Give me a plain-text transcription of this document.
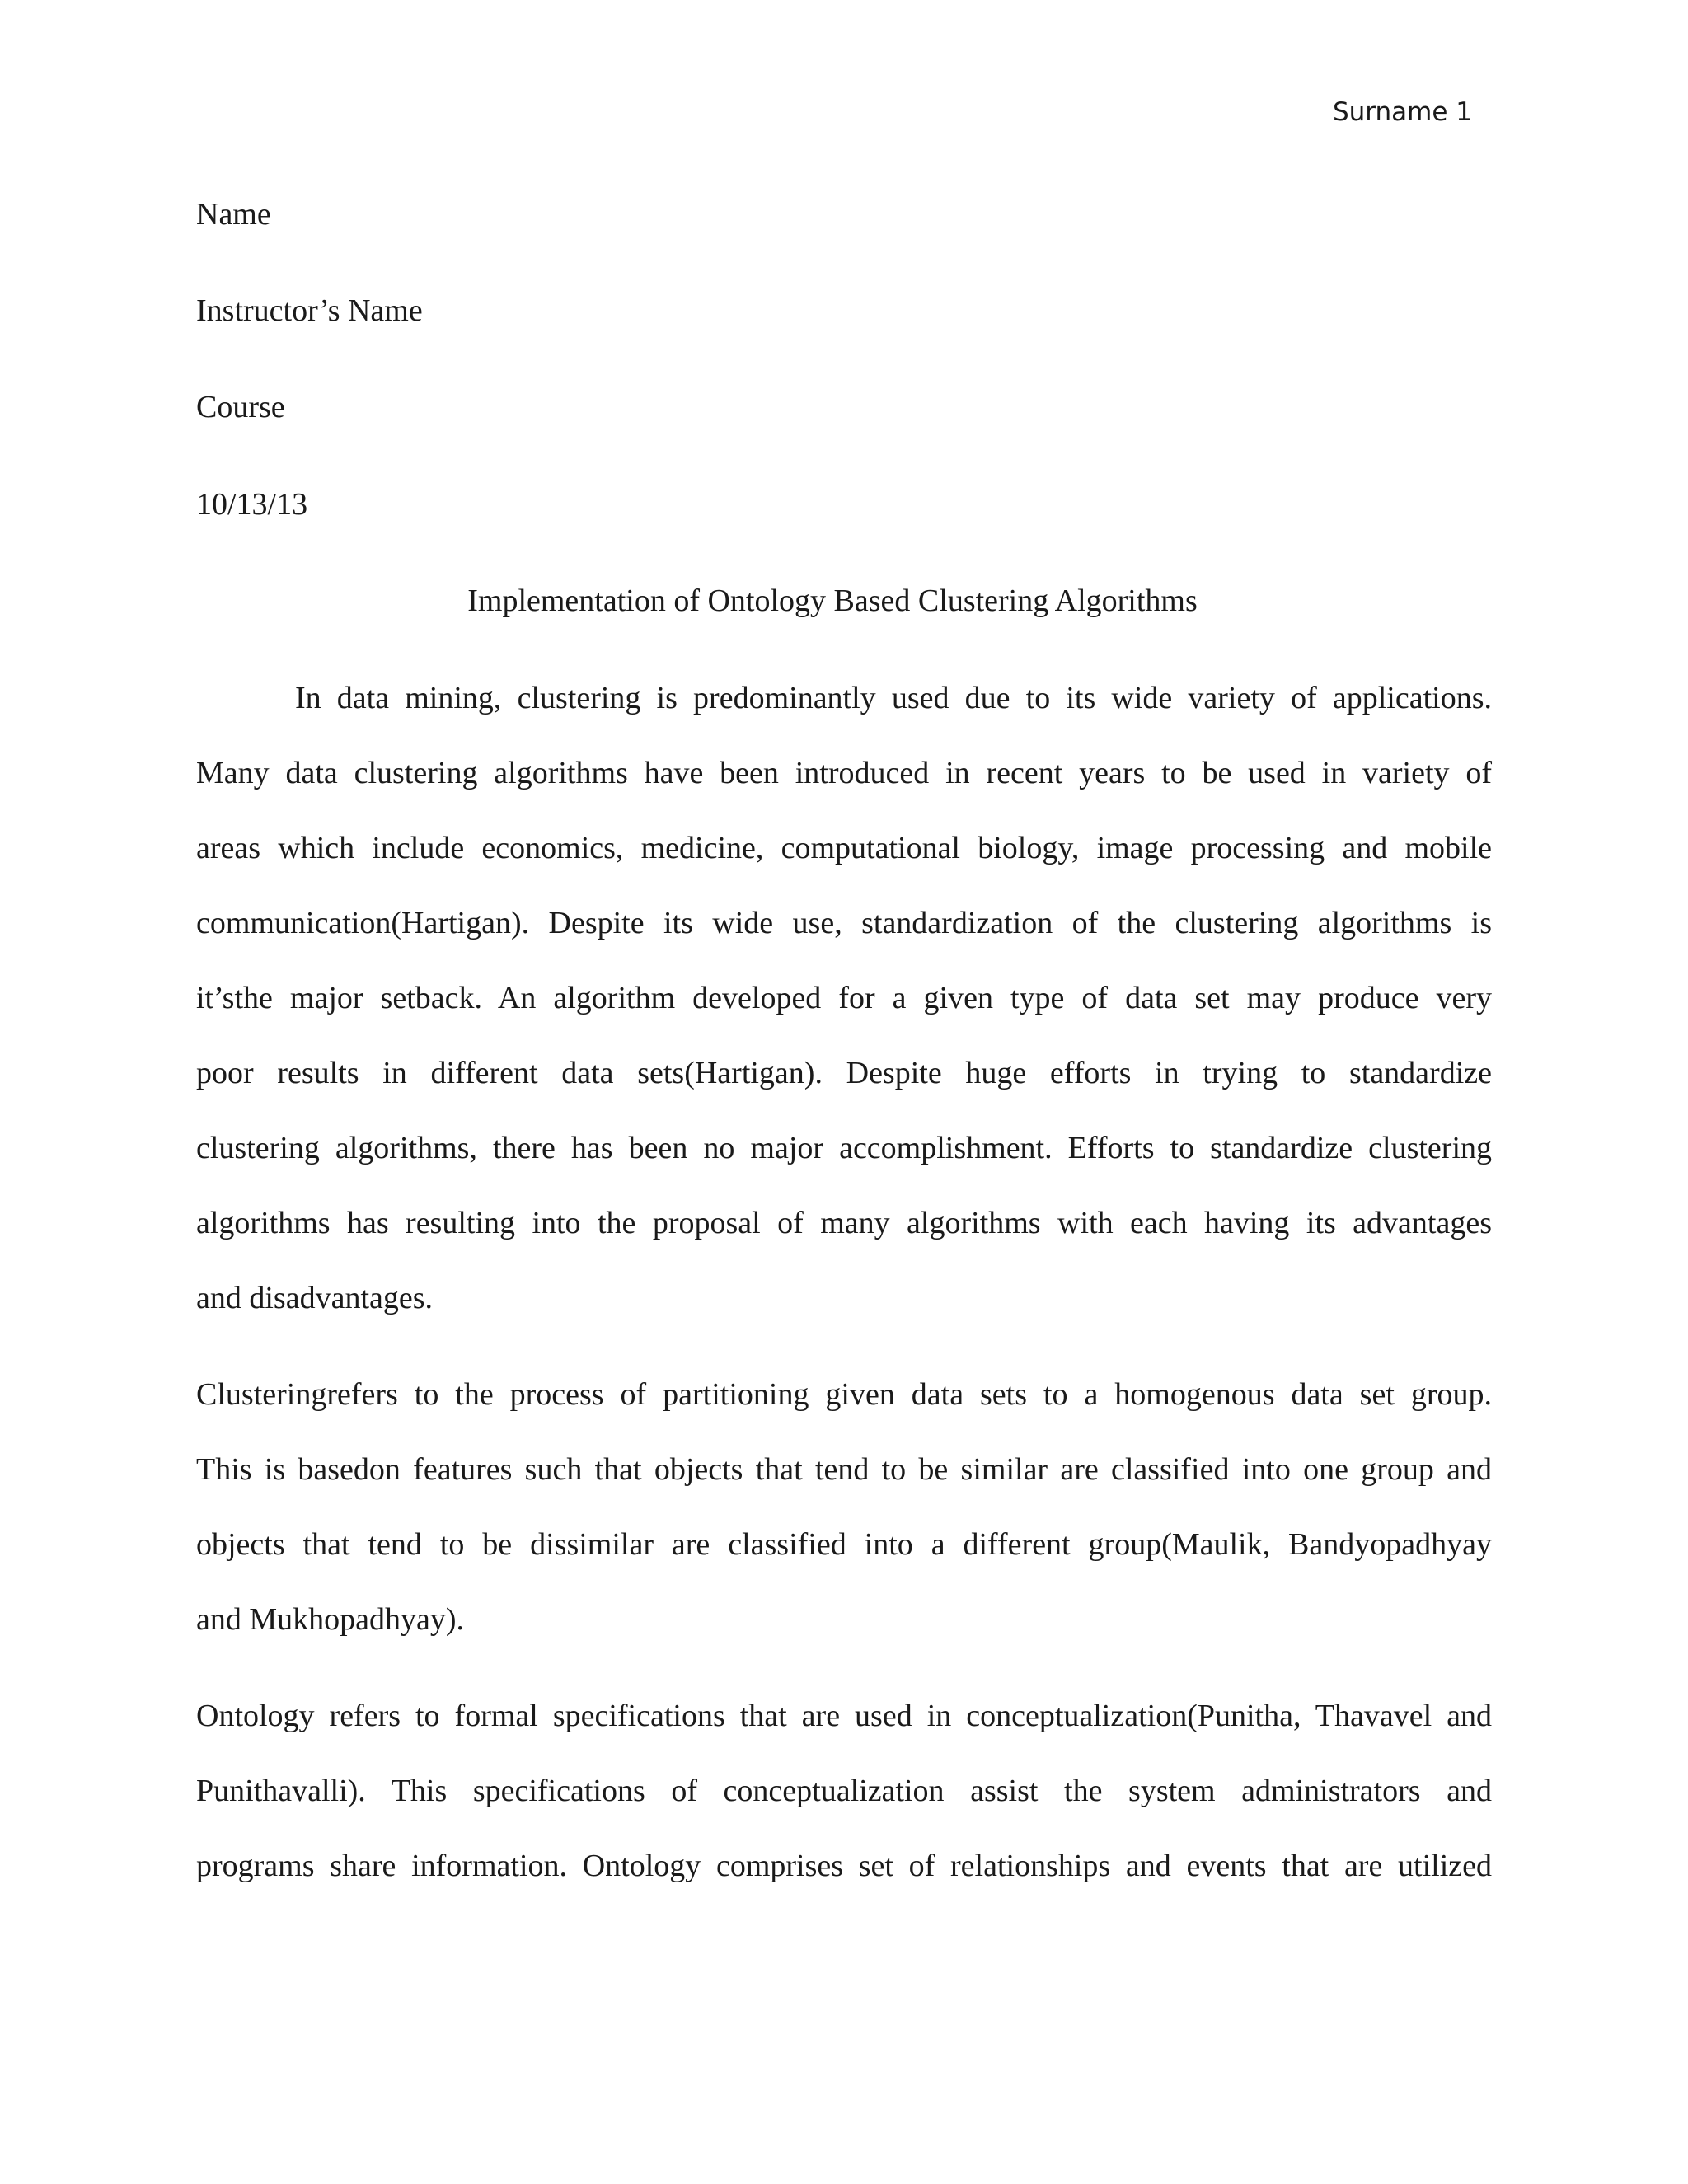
Surname 1
Name
Instructor’s Name
Course
10/13/13
Implementation of Ontology Based Clustering Algorithms
In data mining, clustering is predominantly used due to its wide variety of applications.
Many data clustering algorithms have been introduced in recent years to be used in variety of
areas which include economics, medicine, computational biology, image processing and mobile
communication(Hartigan). Despite its wide use, standardization of the clustering algorithms is
it’sthe major setback. An algorithm developed for a given type of data set may produce very
poor results in different data sets(Hartigan). Despite huge efforts in trying to standardize
clustering algorithms, there has been no major accomplishment. Efforts to standardize clustering
algorithms has resulting into the proposal of many algorithms with each having its advantages
and disadvantages.
Clusteringrefers to the process of partitioning given data sets to a homogenous data set group.
This is basedon features such that objects that tend to be similar are classified into one group and
objects that tend to be dissimilar are classified into a different group(Maulik, Bandyopadhyay
and Mukhopadhyay).
Ontology refers to formal specifications that are used in conceptualization(Punitha, Thavavel and
Punithavalli). This specifications of conceptualization assist the system administrators and
programs share information. Ontology comprises set of relationships and events that are utilized
